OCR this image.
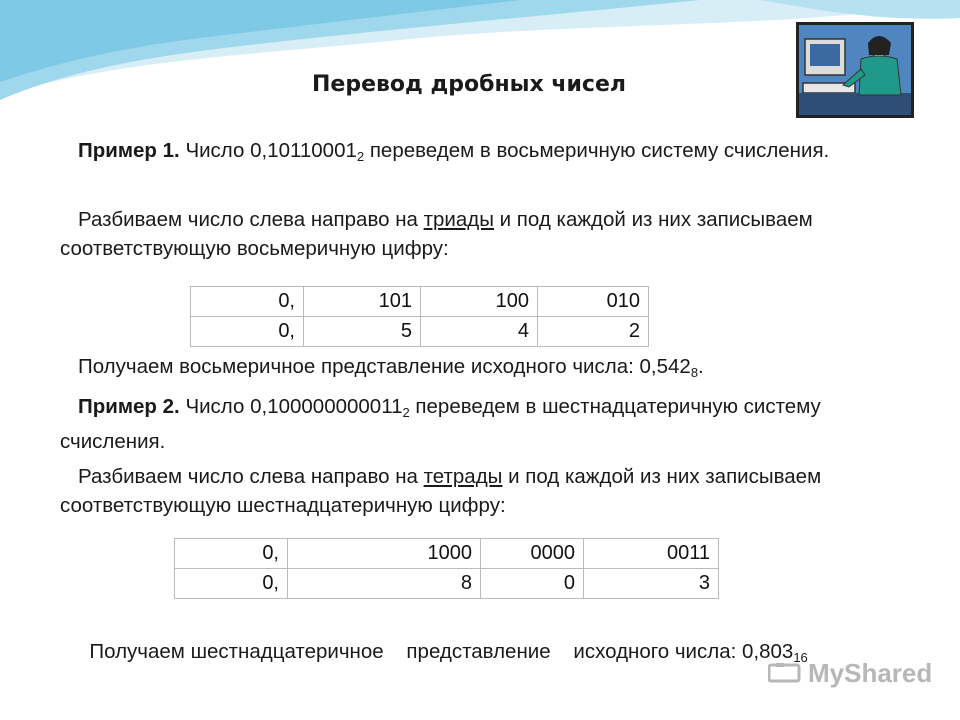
Перевод дробных чисел
Пример 1. Число $0,10110001_2$ переведем в восьмеричную систему счисления.
Разбиваем число слева направо на триады и под каждой из них записываем соответствующую восьмеричную цифру:
0,	101	100	010
0,	5	4	2
Получаем восьмеричное представление исходного числа: $0,542_8$.
Пример 2. Число $0,100000000011_2$ переведем в шестнадцатеричную систему счисления.
Разбиваем число слева направо на тетрады и под каждой из них записываем соответствующую шестнадцатеричную цифру:
0,	1000	0000	0011
0,	8	0	3

Получаем шестнадцатеричное    представление    исходного числа: $0,803_{16}$

MyShared
